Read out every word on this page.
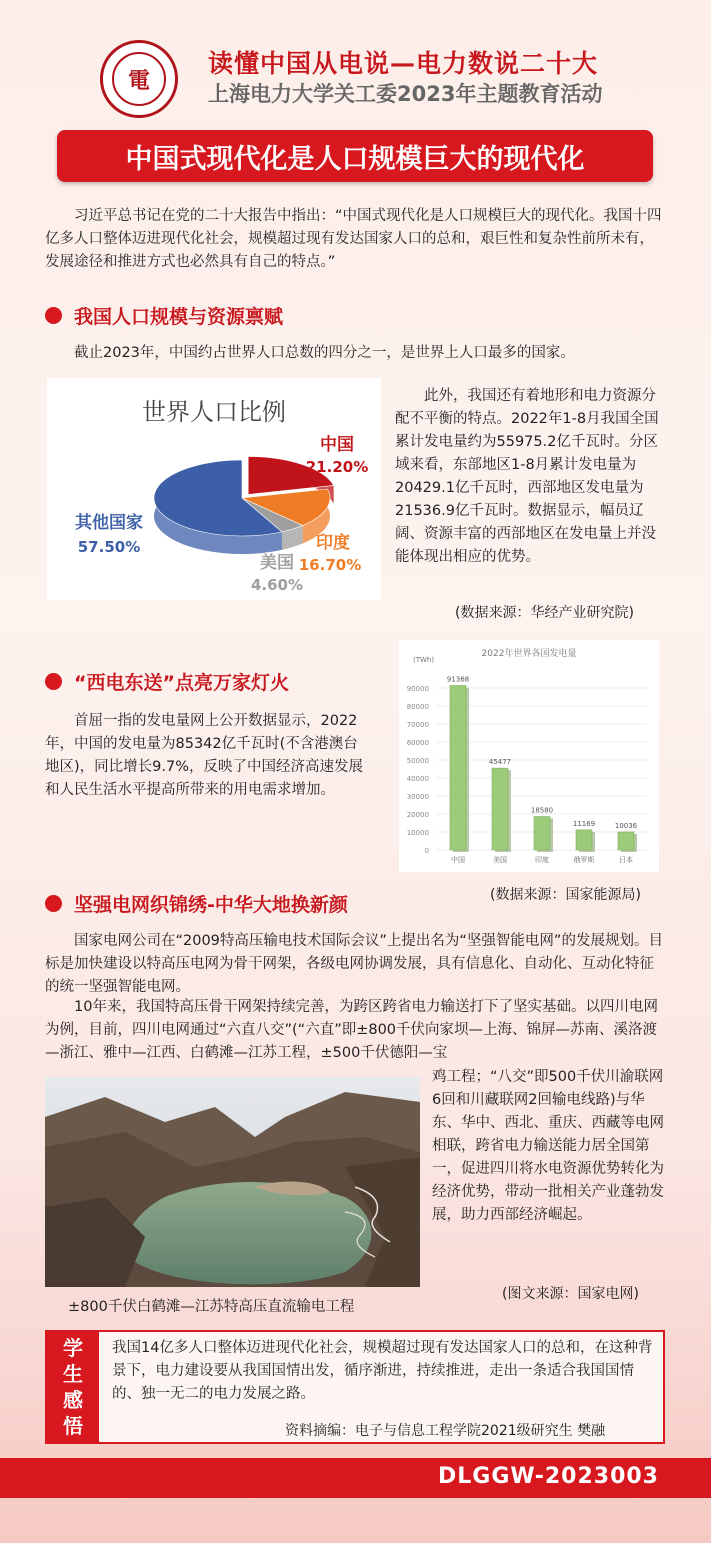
電
读懂中国从电说—电力数说二十大
上海电力大学关工委2023年主题教育活动
中国式现代化是人口规模巨大的现代化
习近平总书记在党的二十大报告中指出：“中国式现代化是人口规模巨大的现代化。我国十四亿多人口整体迈进现代化社会，规模超过现有发达国家人口的总和，艰巨性和复杂性前所未有，发展途径和推进方式也必然具有自己的特点。”
我国人口规模与资源禀赋
截止2023年，中国约占世界人口总数的四分之一，是世界上人口最多的国家。
世界人口比例
中国
21.20%
印度
16.70%
美国
4.60%
其他国家
57.50%
此外，我国还有着地形和电力资源分配不平衡的特点。2022年1-8月我国全国累计发电量约为55975.2亿千瓦时。分区域来看，东部地区1-8月累计发电量为20429.1亿千瓦时，西部地区发电量为21536.9亿千瓦时。数据显示，幅员辽阔、资源丰富的西部地区在发电量上并没能体现出相应的优势。
(数据来源：华经产业研究院)
“西电东送”点亮万家灯火
首屈一指的发电量网上公开数据显示，2022年，中国的发电量为85342亿千瓦时(不含港澳台地区)，同比增长9.7%，反映了中国经济高速发展和人民生活水平提高所带来的用电需求增加。
2022年世界各国发电量
(TWh)
0
10000
20000
30000
40000
50000
60000
70000
80000
90000
91368
中国
45477
美国
18580
印度
11169
俄罗斯
10036
日本
(数据来源：国家能源局)
坚强电网织锦绣-中华大地换新颜
国家电网公司在“2009特高压输电技术国际会议”上提出名为“坚强智能电网”的发展规划。目标是加快建设以特高压电网为骨干网架，各级电网协调发展，具有信息化、自动化、互动化特征的统一坚强智能电网。
10年来，我国特高压骨干网架持续完善，为跨区跨省电力输送打下了坚实基础。以四川电网为例，目前，四川电网通过“六直八交”(“六直”即±800千伏向家坝—上海、锦屏—苏南、溪洛渡—浙江、雅中—江西、白鹤滩—江苏工程，±500千伏德阳—宝
鸡工程；“八交”即500千伏川渝联网6回和川藏联网2回输电线路)与华东、华中、西北、重庆、西藏等电网相联，跨省电力输送能力居全国第一，促进四川将水电资源优势转化为经济优势，带动一批相关产业蓬勃发展，助力西部经济崛起。
(图文来源：国家电网)
±800千伏白鹤滩—江苏特高压直流输电工程
学
生
感
悟
我国14亿多人口整体迈进现代化社会，规模超过现有发达国家人口的总和，在这种背景下，电力建设要从我国国情出发，循序渐进，持续推进，走出一条适合我国国情的、独一无二的电力发展之路。
资料摘编：电子与信息工程学院2021级研究生 樊融
DLGGW-2023003
